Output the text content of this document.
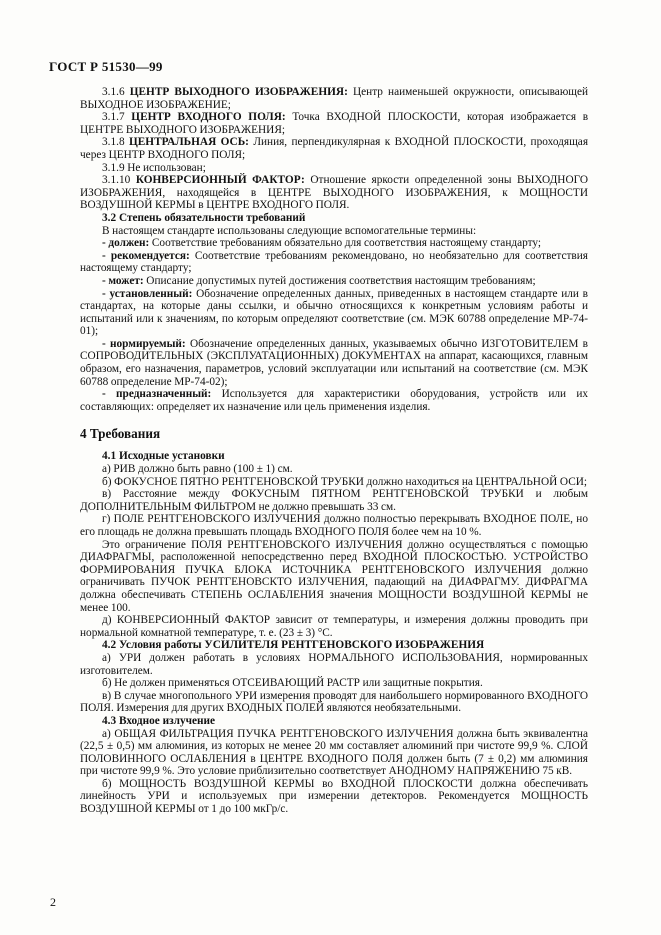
ГОСТ Р 51530—99

3.1.6 ЦЕНТР ВЫХОДНОГО ИЗОБРАЖЕНИЯ: Центр наименьшей окружности, описывающей ВЫХОДНОЕ ИЗОБРАЖЕНИЕ;

3.1.7 ЦЕНТР ВХОДНОГО ПОЛЯ: Точка ВХОДНОЙ ПЛОСКОСТИ, которая изображается в ЦЕНТРЕ ВЫХОДНОГО ИЗОБРАЖЕНИЯ;

3.1.8 ЦЕНТРАЛЬНАЯ ОСЬ: Линия, перпендикулярная к ВХОДНОЙ ПЛОСКОСТИ, проходящая через ЦЕНТР ВХОДНОГО ПОЛЯ;

3.1.9 Не использован;

3.1.10 КОНВЕРСИОННЫЙ ФАКТОР: Отношение яркости определенной зоны ВЫХОДНОГО ИЗОБРАЖЕНИЯ, находящейся в ЦЕНТРЕ ВЫХОДНОГО ИЗОБРАЖЕНИЯ, к МОЩНОСТИ ВОЗДУШНОЙ КЕРМЫ в ЦЕНТРЕ ВХОДНОГО ПОЛЯ.

3.2 Степень обязательности требований

В настоящем стандарте использованы следующие вспомогательные термины:

- должен: Соответствие требованиям обязательно для соответствия настоящему стандарту;

- рекомендуется: Соответствие требованиям рекомендовано, но необязательно для соответствия настоящему стандарту;

- может: Описание допустимых путей достижения соответствия настоящим требованиям;

- установленный: Обозначение определенных данных, приведенных в настоящем стандарте или в стандартах, на которые даны ссылки, и обычно относящихся к конкретным условиям работы и испытаний или к значениям, по которым определяют соответствие (см. МЭК 60788 определение МР-74-01);

- нормируемый: Обозначение определенных данных, указываемых обычно ИЗГОТОВИТЕЛЕМ в СОПРОВОДИТЕЛЬНЫХ (ЭКСПЛУАТАЦИОННЫХ) ДОКУМЕНТАХ на аппарат, касающихся, главным образом, его назначения, параметров, условий эксплуатации или испытаний на соответствие (см. МЭК 60788 определение МР-74-02);

- предназначенный: Используется для характеристики оборудования, устройств или их составляющих: определяет их назначение или цель применения изделия.

4 Требования

4.1 Исходные установки

а) РИВ должно быть равно (100 ± 1) см.

б) ФОКУСНОЕ ПЯТНО РЕНТГЕНОВСКОЙ ТРУБКИ должно находиться на ЦЕНТРАЛЬНОЙ ОСИ;

в) Расстояние между ФОКУСНЫМ ПЯТНОМ РЕНТГЕНОВСКОЙ ТРУБКИ и любым ДОПОЛНИТЕЛЬНЫМ ФИЛЬТРОМ не должно превышать 33 см.

г) ПОЛЕ РЕНТГЕНОВСКОГО ИЗЛУЧЕНИЯ должно полностью перекрывать ВХОДНОЕ ПОЛЕ, но его площадь не должна превышать площадь ВХОДНОГО ПОЛЯ более чем на 10 %.

Это ограничение ПОЛЯ РЕНТГЕНОВСКОГО ИЗЛУЧЕНИЯ должно осуществляться с помощью ДИАФРАГМЫ, расположенной непосредственно перед ВХОДНОЙ ПЛОСКОСТЬЮ. УСТРОЙСТВО ФОРМИРОВАНИЯ ПУЧКА БЛОКА ИСТОЧНИКА РЕНТГЕНОВСКОГО ИЗЛУЧЕНИЯ должно ограничивать ПУЧОК РЕНТГЕНОВСКТО ИЗЛУЧЕНИЯ, падающий на ДИАФРАГМУ. ДИФРАГМА должна обеспечивать СТЕПЕНЬ ОСЛАБЛЕНИЯ значения МОЩНОСТИ ВОЗДУШНОЙ КЕРМЫ не менее 100.

д) КОНВЕРСИОННЫЙ ФАКТОР зависит от температуры, и измерения должны проводить при нормальной комнатной температуре, т. е. (23 ± 3) °С.

4.2 Условия работы УСИЛИТЕЛЯ РЕНТГЕНОВСКОГО ИЗОБРАЖЕНИЯ

а) УРИ должен работать в условиях НОРМАЛЬНОГО ИСПОЛЬЗОВАНИЯ, нормированных изготовителем.

б) Не должен применяться ОТСЕИВАЮЩИЙ РАСТР или защитные покрытия.

в) В случае многопольного УРИ измерения проводят для наибольшего нормированного ВХОДНОГО ПОЛЯ. Измерения для других ВХОДНЫХ ПОЛЕЙ являются необязательными.

4.3 Входное излучение

а) ОБЩАЯ ФИЛЬТРАЦИЯ ПУЧКА РЕНТГЕНОВСКОГО ИЗЛУЧЕНИЯ должна быть эквивалентна (22,5 ± 0,5) мм алюминия, из которых не менее 20 мм составляет алюминий при чистоте 99,9 %. СЛОЙ ПОЛОВИННОГО ОСЛАБЛЕНИЯ в ЦЕНТРЕ ВХОДНОГО ПОЛЯ должен быть (7 ± 0,2) мм алюминия при чистоте 99,9 %. Это условие приблизительно соответствует АНОДНОМУ НАПРЯЖЕНИЮ 75 кВ.

б) МОЩНОСТЬ ВОЗДУШНОЙ КЕРМЫ во ВХОДНОЙ ПЛОСКОСТИ должна обеспечивать линейность УРИ и используемых при измерении детекторов. Рекомендуется МОЩНОСТЬ ВОЗДУШНОЙ КЕРМЫ от 1 до 100 мкГр/с.

2
